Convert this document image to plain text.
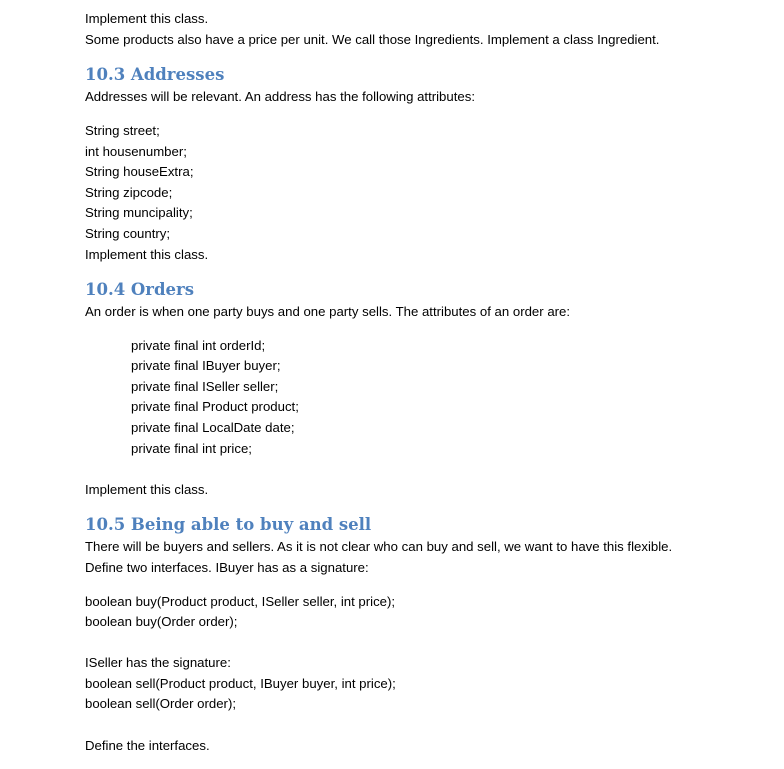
Implement this class.
Some products also have a price per unit. We call those Ingredients. Implement a class Ingredient.
10.3 Addresses
Addresses will be relevant. An address has the following attributes:
String street;
int housenumber;
String houseExtra;
String zipcode;
String muncipality;
String country;
Implement this class.
10.4 Orders
An order is when one party buys and one party sells. The attributes of an order are:
private final int orderId;
private final IBuyer buyer;
private final ISeller seller;
private final Product product;
private final LocalDate date;
private final int price;
Implement this class.
10.5 Being able to buy and sell
There will be buyers and sellers. As it is not clear who can buy and sell, we want to have this flexible.
Define two interfaces. IBuyer has as a signature:
boolean buy(Product product, ISeller seller, int price);
boolean buy(Order order);
ISeller has the signature:
boolean sell(Product product, IBuyer buyer, int price);
boolean sell(Order order);
Define the interfaces.
